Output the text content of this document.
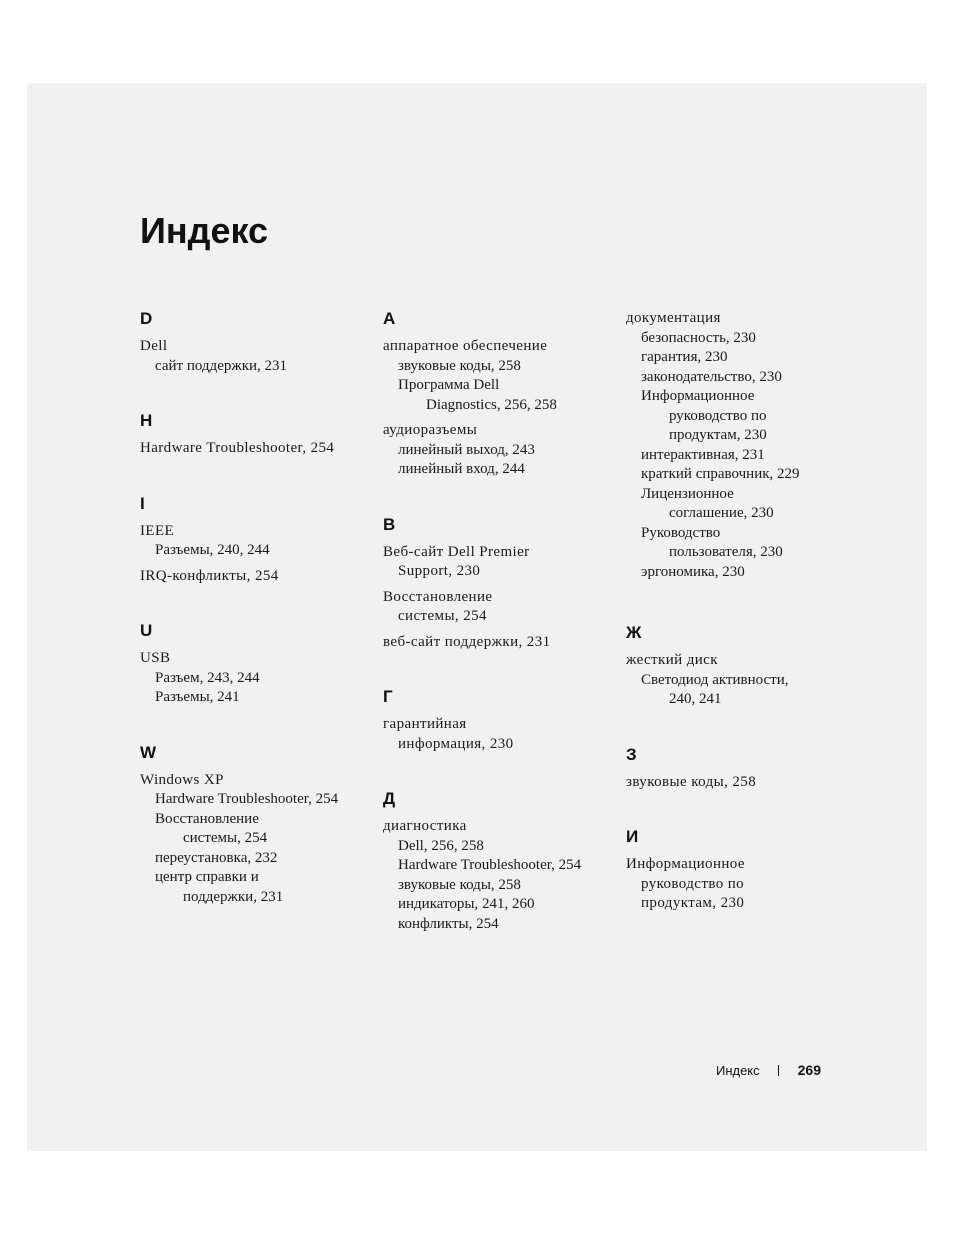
Индекс
D
Dell
сайт поддержки, 231
H
Hardware Troubleshooter, 254
I
IEEE
Разъемы, 240, 244
IRQ-конфликты, 254
U
USB
Разъем, 243, 244
Разъемы, 241
W
Windows XP
Hardware Troubleshooter, 254
Восстановление
системы, 254
переустановка, 232
центр справки и
поддержки, 231
А
аппаратное обеспечение
звуковые коды, 258
Программа Dell
Diagnostics, 256, 258
аудиоразъемы
линейный выход, 243
линейный вход, 244
В
Веб-сайт Dell Premier
Support, 230
Восстановление
системы, 254
веб-сайт поддержки, 231
Г
гарантийная
информация, 230
Д
диагностика
Dell, 256, 258
Hardware Troubleshooter, 254
звуковые коды, 258
индикаторы, 241, 260
конфликты, 254
документация
безопасность, 230
гарантия, 230
законодательство, 230
Информационное
руководство по
продуктам, 230
интерактивная, 231
краткий справочник, 229
Лицензионное
соглашение, 230
Руководство
пользователя, 230
эргономика, 230
Ж
жесткий диск
Светодиод активности,
240, 241
З
звуковые коды, 258
И
Информационное
руководство по
продуктам, 230
Индекс	269
